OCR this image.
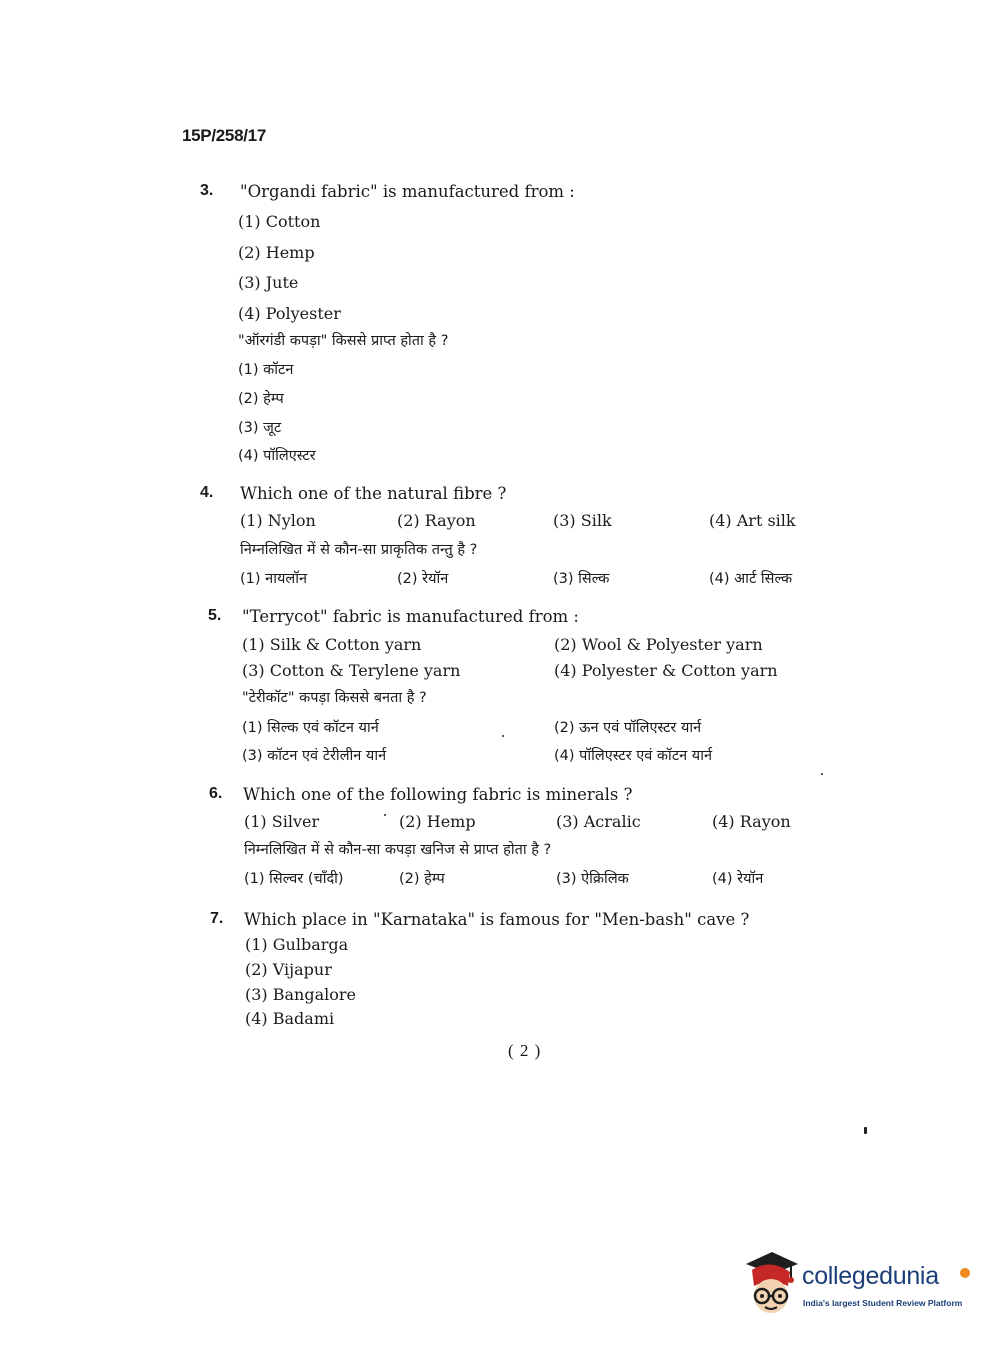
15P/258/17
3.	"Organdi fabric" is manufactured from :
(1) Cotton
(2) Hemp
(3) Jute
(4) Polyester
"ऑरगंडी कपड़ा" किससे प्राप्त होता है ?
(1) कॉटन
(2) हेम्प
(3) जूट
(4) पॉलिएस्टर
4.	Which one of the natural fibre ?
(1) Nylon	(2) Rayon	(3) Silk	(4) Art silk
निम्नलिखित में से कौन-सा प्राकृतिक तन्तु है ?
(1) नायलॉन	(2) रेयॉन	(3) सिल्क	(4) आर्ट सिल्क
5.	"Terrycot" fabric is manufactured from :
(1) Silk & Cotton yarn	(2) Wool & Polyester yarn
(3) Cotton & Terylene yarn	(4) Polyester & Cotton yarn
"टेरीकॉट" कपड़ा किससे बनता है ?
(1) सिल्क एवं कॉटन यार्न	(2) ऊन एवं पॉलिएस्टर यार्न
(3) कॉटन एवं टेरीलीन यार्न	(4) पॉलिएस्टर एवं कॉटन यार्न
6.	Which one of the following fabric is minerals ?
(1) Silver	(2) Hemp	(3) Acralic	(4) Rayon
निम्नलिखित में से कौन-सा कपड़ा खनिज से प्राप्त होता है ?
(1) सिल्वर (चाँदी)	(2) हेम्प	(3) ऐक्रिलिक	(4) रेयॉन
7.	Which place in "Karnataka" is famous for "Men-bash" cave ?
(1) Gulbarga
(2) Vijapur
(3) Bangalore
(4) Badami
( 2 )
collegedunia
India's largest Student Review Platform
